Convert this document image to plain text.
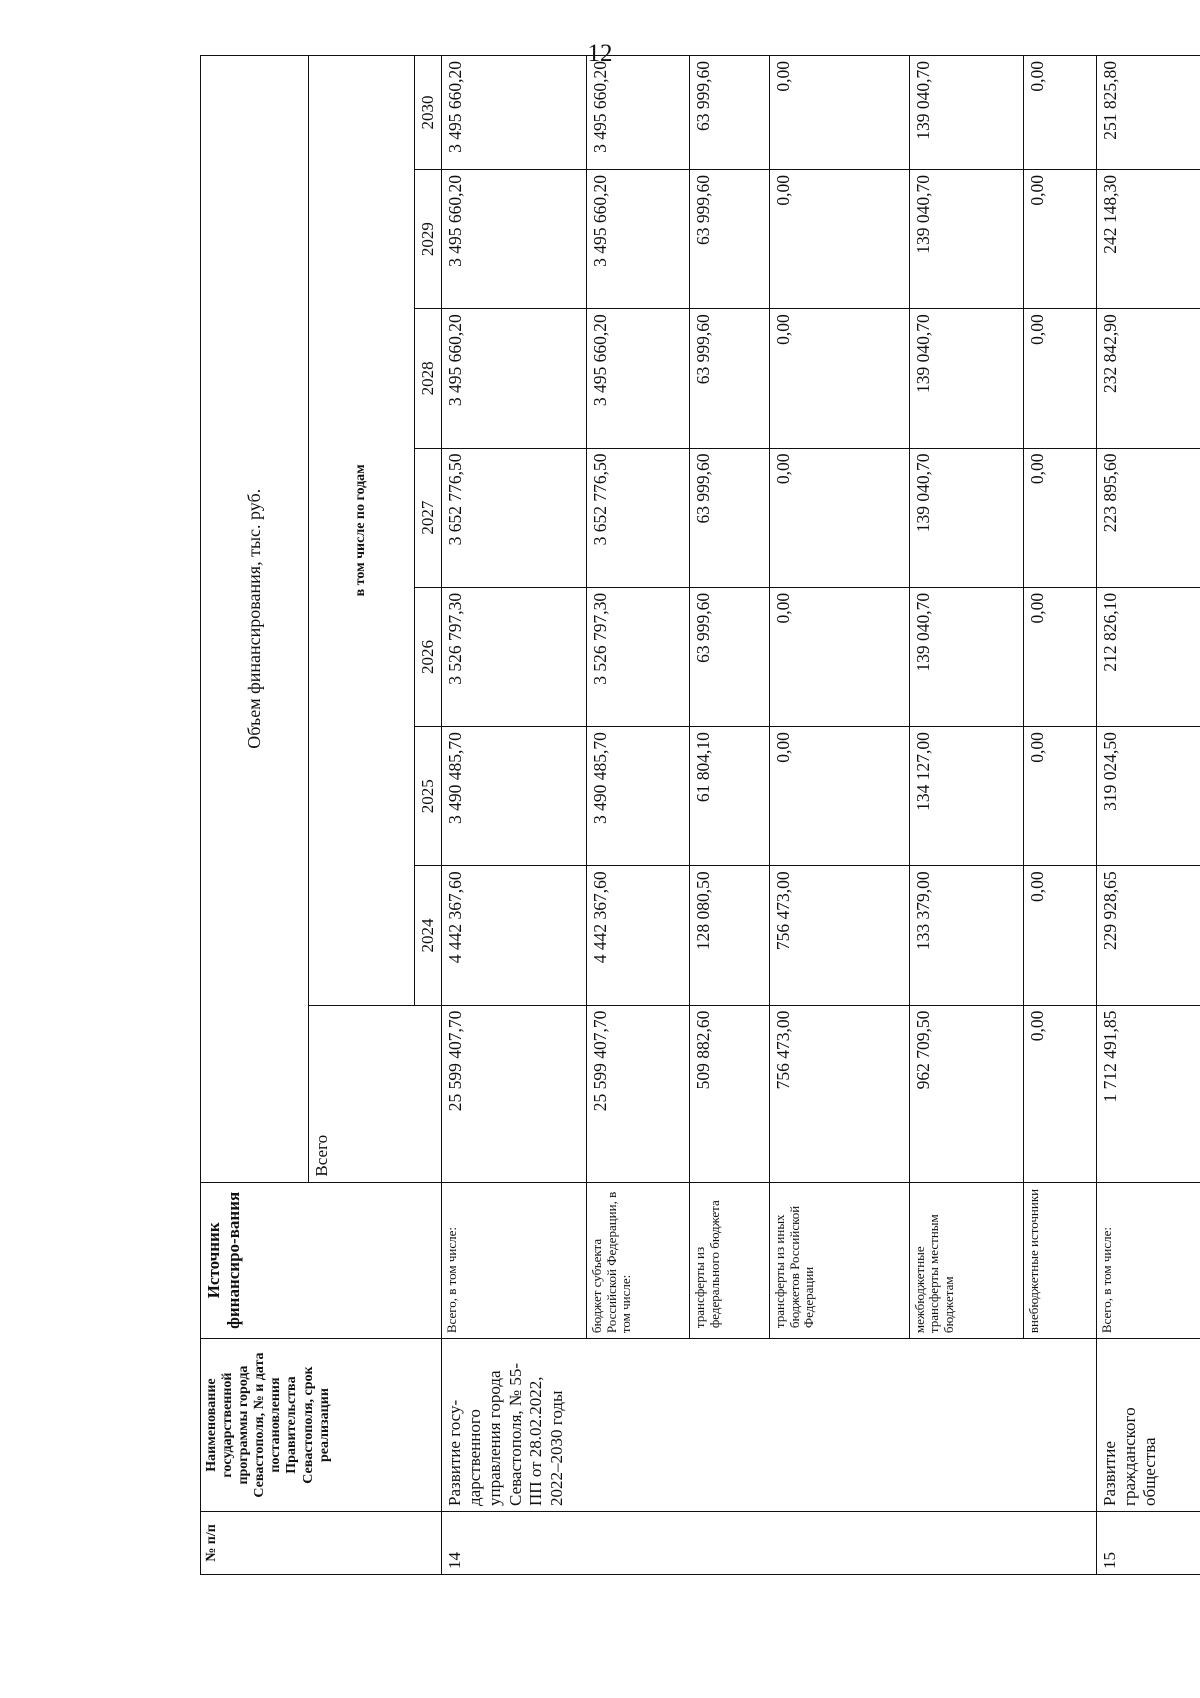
12
№ п/п	Наименование государственной программы города Севастополя, № и дата постановления Правительства Севастополя, срок реализации	Источник финансиро-вания	Объем финансирования, тыс. руб.							
			Всего	в том числе по годам						
				2024	2025	2026	2027	2028	2029	2030
14	Развитие госу-дарственного управления города Севастополя, № 55-ПП от 28.02.2022, 2022–2030 годы	Всего, в том числе:	25 599 407,70	4 442 367,60	3 490 485,70	3 526 797,30	3 652 776,50	3 495 660,20	3 495 660,20	3 495 660,20
		бюджет субъекта Российской Федерации, в том числе:	25 599 407,70	4 442 367,60	3 490 485,70	3 526 797,30	3 652 776,50	3 495 660,20	3 495 660,20	3 495 660,20
		трансферты из федерального бюджета	509 882,60	128 080,50	61 804,10	63 999,60	63 999,60	63 999,60	63 999,60	63 999,60
		трансферты из иных бюджетов Российской Федерации	756 473,00	756 473,00	0,00	0,00	0,00	0,00	0,00	0,00
		межбюджетные трансферты местным бюджетам	962 709,50	133 379,00	134 127,00	139 040,70	139 040,70	139 040,70	139 040,70	139 040,70
		внебюджетные источники	0,00	0,00	0,00	0,00	0,00	0,00	0,00	0,00
15	Развитие гражданского общества	Всего, в том числе:	1 712 491,85	229 928,65	319 024,50	212 826,10	223 895,60	232 842,90	242 148,30	251 825,80
